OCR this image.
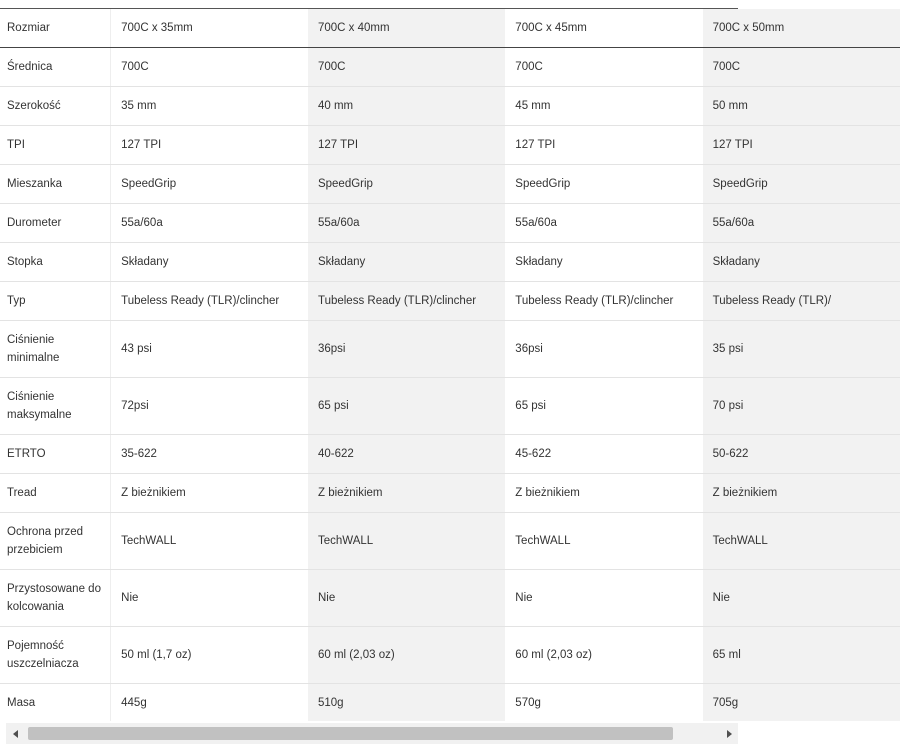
Rozmiar	700C x 35mm	700C x 40mm	700C x 45mm	700C x 50mm
Średnica	700C	700C	700C	700C
Szerokość	35 mm	40 mm	45 mm	50 mm
TPI	127 TPI	127 TPI	127 TPI	127 TPI
Mieszanka	SpeedGrip	SpeedGrip	SpeedGrip	SpeedGrip
Durometer	55a/60a	55a/60a	55a/60a	55a/60a
Stopka	Składany	Składany	Składany	Składany
Typ	Tubeless Ready (TLR)/clincher	Tubeless Ready (TLR)/clincher	Tubeless Ready (TLR)/clincher	Tubeless Ready (TLR)/
Ciśnienie minimalne	43 psi	36psi	36psi	35 psi
Ciśnienie maksymalne	72psi	65 psi	65 psi	70 psi
ETRTO	35-622	40-622	45-622	50-622
Tread	Z bieżnikiem	Z bieżnikiem	Z bieżnikiem	Z bieżnikiem
Ochrona przed przebiciem	TechWALL	TechWALL	TechWALL	TechWALL
Przystosowane do kolcowania	Nie	Nie	Nie	Nie
Pojemność uszczelniacza	50 ml (1,7 oz)	60 ml (2,03 oz)	60 ml (2,03 oz)	65 ml
Masa	445g	510g	570g	705g
